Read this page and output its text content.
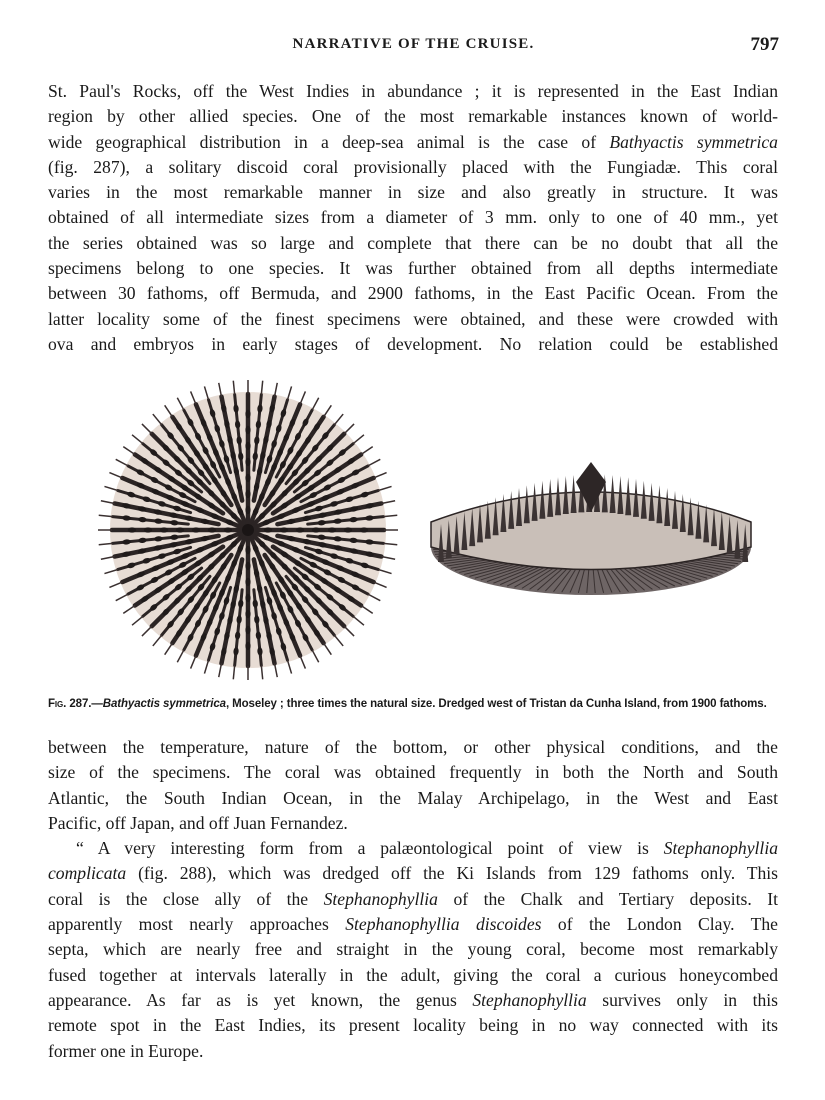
NARRATIVE OF THE CRUISE.	797
St. Paul's Rocks, off the West Indies in abundance ; it is represented in the East Indian
region by other allied species. One of the most remarkable instances known of world-
wide geographical distribution in a deep-sea animal is the case of Bathyactis symmetrica
(fig. 287), a solitary discoid coral provisionally placed with the Fungiadæ. This coral
varies in the most remarkable manner in size and also greatly in structure. It was
obtained of all intermediate sizes from a diameter of 3 mm. only to one of 40 mm., yet
the series obtained was so large and complete that there can be no doubt that all the
specimens belong to one species. It was further obtained from all depths intermediate
between 30 fathoms, off Bermuda, and 2900 fathoms, in the East Pacific Ocean. From the
latter locality some of the finest specimens were obtained, and these were crowded with
ova and embryos in early stages of development. No relation could be established
Fig. 287.—Bathyactis symmetrica, Moseley ; three times the natural size. Dredged west of Tristan da Cunha Island, from 1900 fathoms.
between the temperature, nature of the bottom, or other physical conditions, and the
size of the specimens. The coral was obtained frequently in both the North and South
Atlantic, the South Indian Ocean, in the Malay Archipelago, in the West and East
Pacific, off Japan, and off Juan Fernandez.
“ A very interesting form from a palæontological point of view is Stephanophyllia
complicata (fig. 288), which was dredged off the Ki Islands from 129 fathoms only. This
coral is the close ally of the Stephanophyllia of the Chalk and Tertiary deposits. It
apparently most nearly approaches Stephanophyllia discoides of the London Clay. The
septa, which are nearly free and straight in the young coral, become most remarkably
fused together at intervals laterally in the adult, giving the coral a curious honeycombed
appearance. As far as is yet known, the genus Stephanophyllia survives only in this
remote spot in the East Indies, its present locality being in no way connected with its
former one in Europe.
